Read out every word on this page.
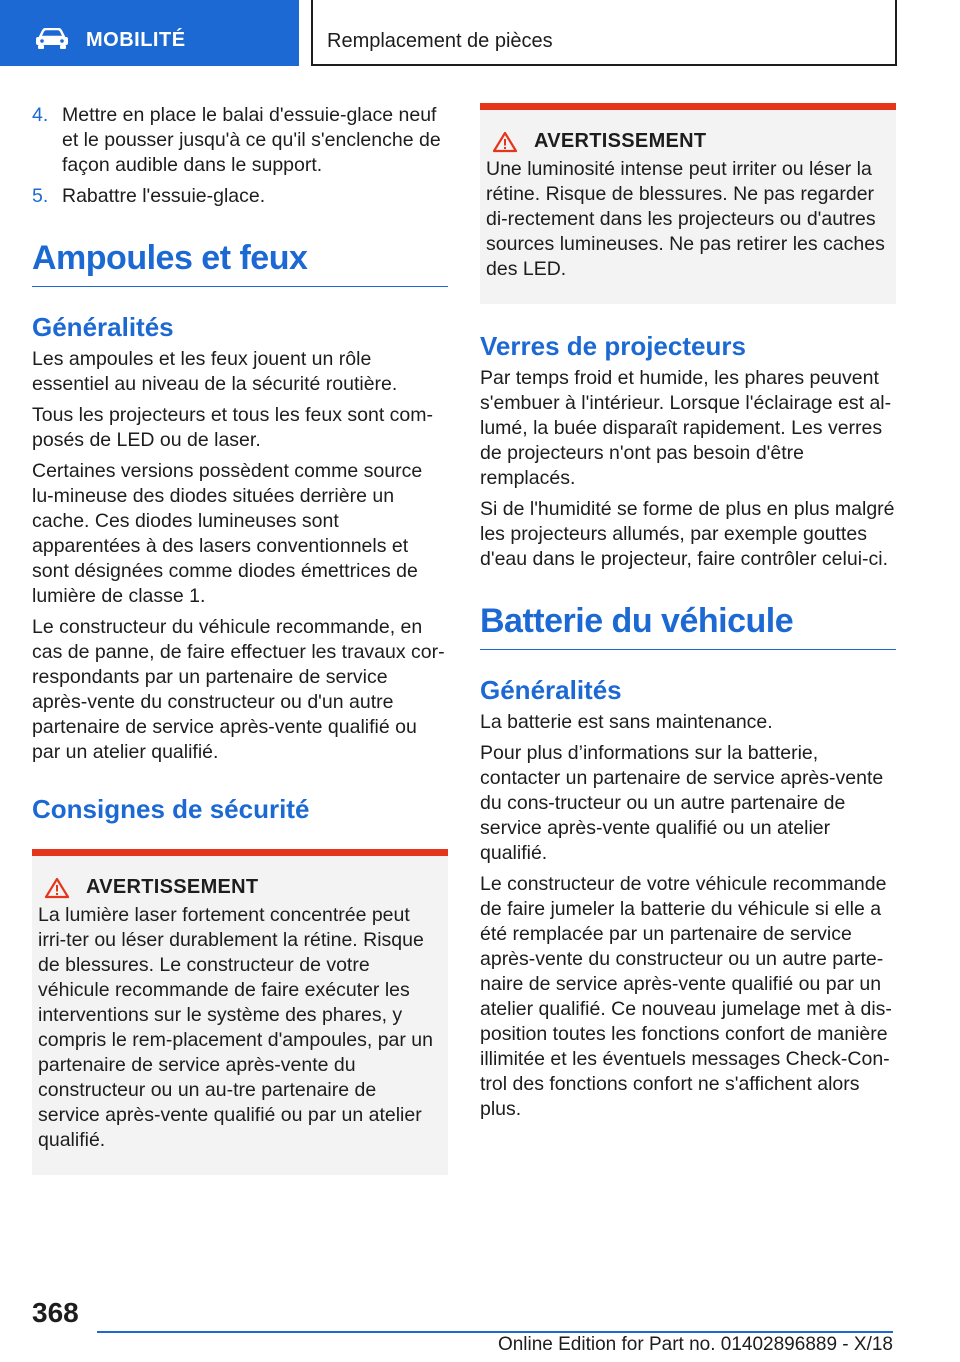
MOBILITÉ	Remplacement de pièces
4. Mettre en place le balai d'essuie-glace neuf et le pousser jusqu'à ce qu'il s'enclenche de façon audible dans le support.
5. Rabattre l'essuie-glace.
Ampoules et feux
Généralités

Les ampoules et les feux jouent un rôle essentiel au niveau de la sécurité routière.

Tous les projecteurs et tous les feux sont com-posés de LED ou de laser.

Certaines versions possèdent comme source lu-mineuse des diodes situées derrière un cache. Ces diodes lumineuses sont apparentées à des lasers conventionnels et sont désignées comme diodes émettrices de lumière de classe 1.

Le constructeur du véhicule recommande, en cas de panne, de faire effectuer les travaux cor-respondants par un partenaire de service après-vente du constructeur ou d'un autre partenaire de service après-vente qualifié ou par un atelier qualifié.

Consignes de sécurité
AVERTISSEMENT

La lumière laser fortement concentrée peut irri-ter ou léser durablement la rétine. Risque de blessures. Le constructeur de votre véhicule recommande de faire exécuter les interventions sur le système des phares, y compris le rem-placement d'ampoules, par un partenaire de service après-vente du constructeur ou un au-tre partenaire de service après-vente qualifié ou par un atelier qualifié.

AVERTISSEMENT

Une luminosité intense peut irriter ou léser la rétine. Risque de blessures. Ne pas regarder di-rectement dans les projecteurs ou d'autres sources lumineuses. Ne pas retirer les caches des LED.

Verres de projecteurs

Par temps froid et humide, les phares peuvent s'embuer à l'intérieur. Lorsque l'éclairage est al-lumé, la buée disparaît rapidement. Les verres de projecteurs n'ont pas besoin d'être remplacés.

Si de l'humidité se forme de plus en plus malgré les projecteurs allumés, par exemple gouttes d'eau dans le projecteur, faire contrôler celui-ci.

Batterie du véhicule
Généralités

La batterie est sans maintenance.

Pour plus d’informations sur la batterie, contacter un partenaire de service après-vente du cons-tructeur ou un autre partenaire de service après-vente qualifié ou un atelier qualifié.

Le constructeur de votre véhicule recommande de faire jumeler la batterie du véhicule si elle a été remplacée par un partenaire de service après-vente du constructeur ou un autre parte-naire de service après-vente qualifié ou par un atelier qualifié. Ce nouveau jumelage met à dis-position toutes les fonctions confort de manière illimitée et les éventuels messages Check-Con-trol des fonctions confort ne s'affichent alors plus.

368
Online Edition for Part no. 01402896889 - X/18
